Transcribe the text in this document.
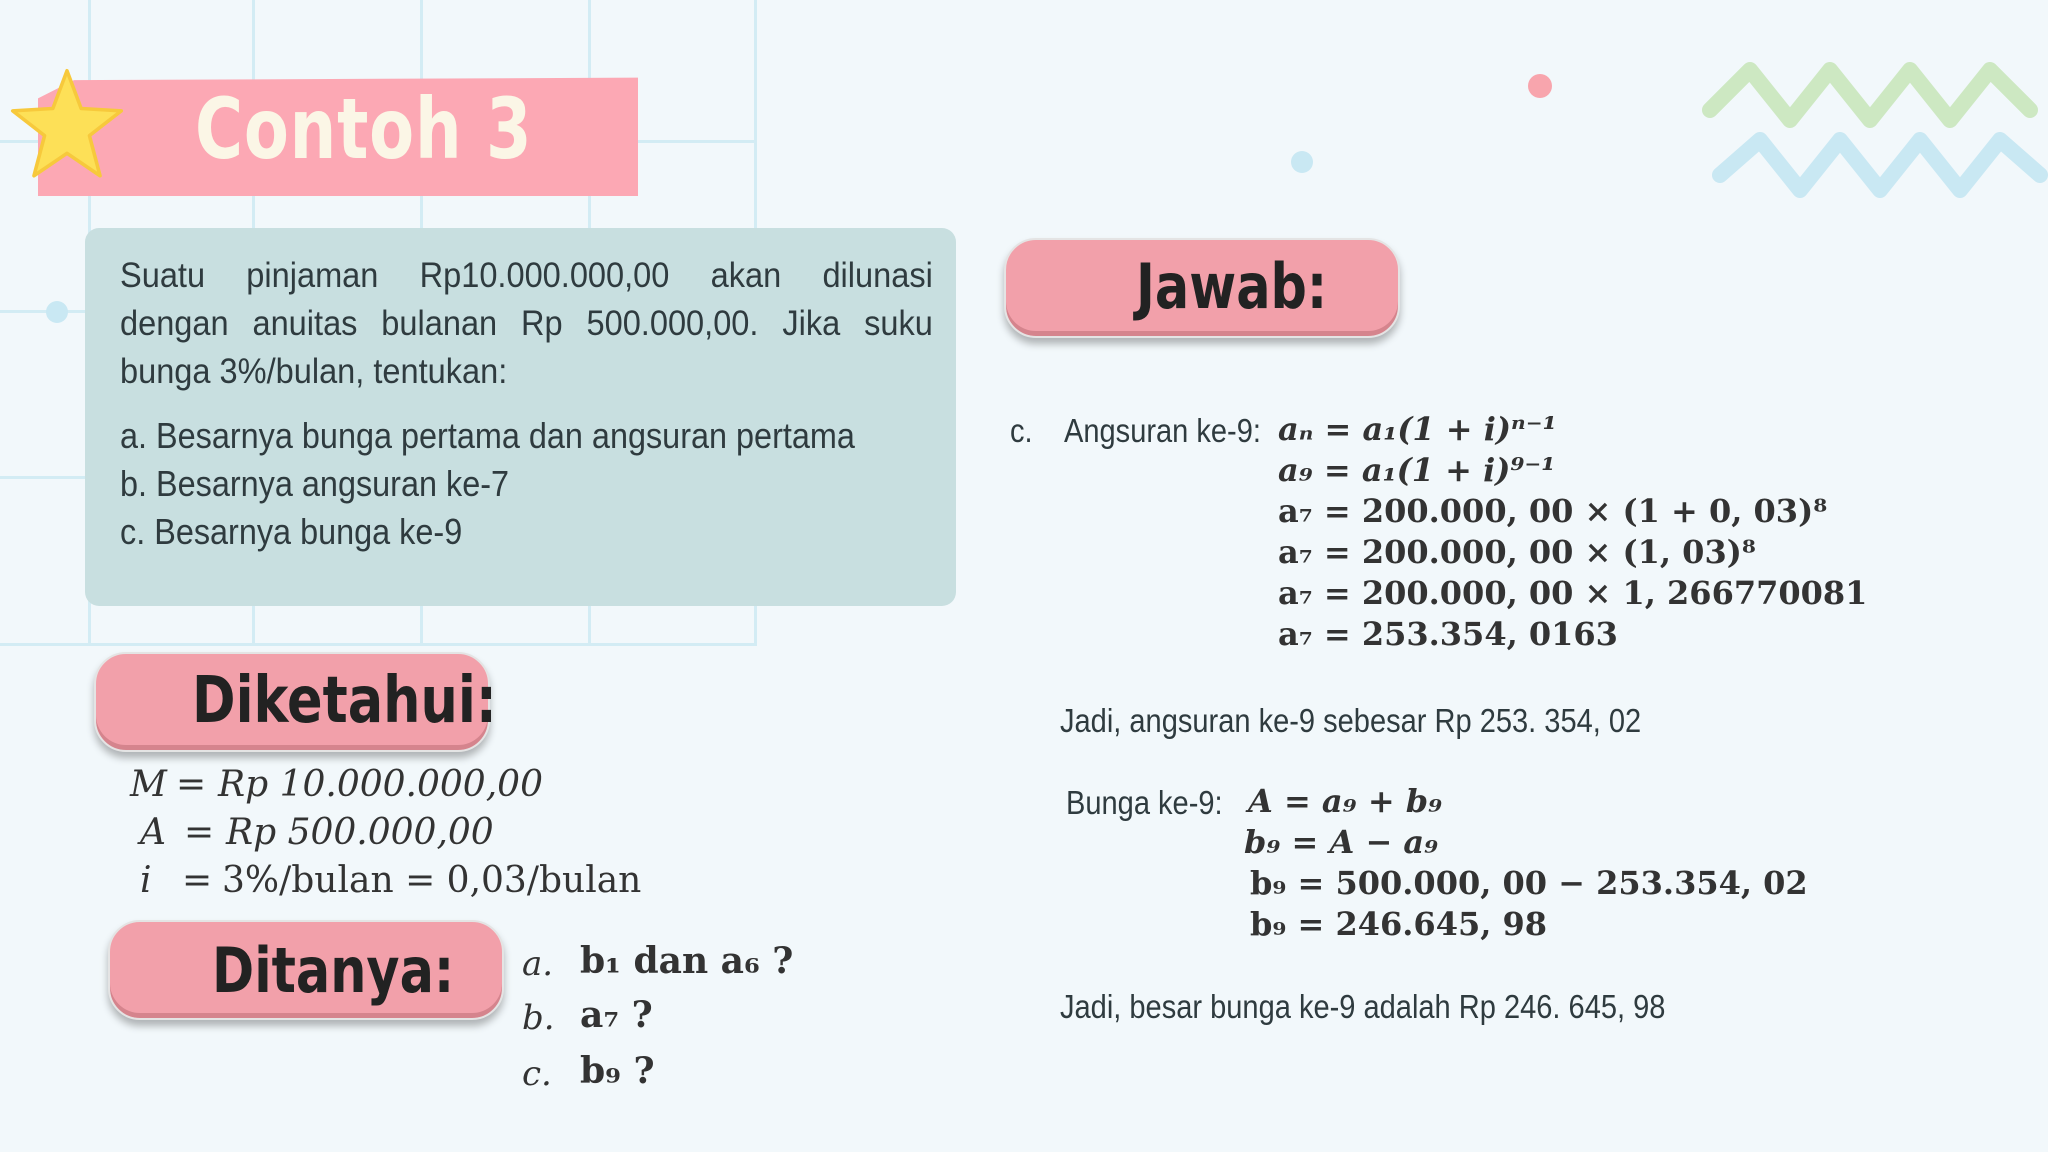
Contoh 3
Suatu pinjaman Rp10.000.000,00 akan dilunasi
dengan anuitas bulanan Rp 500.000,00. Jika suku
bunga 3%/bulan, tentukan:
a. Besarnya bunga pertama dan angsuran pertama
b. Besarnya angsuran ke-7
c. Besarnya bunga ke-9
Diketahui:
M = Rp 10.000.000,00
A = Rp 500.000,00
i = 3%/bulan = 0,03/bulan
Ditanya: a. b₁ dan a₆ ?
b. a₇ ?
c. b₉ ?
Jawab:
c. Angsuran ke-9: aₙ = a₁(1 + i)ⁿ⁻¹
a₉ = a₁(1 + i)⁹⁻¹
a₇ = 200.000, 00 × (1 + 0, 03)⁸
a₇ = 200.000, 00 × (1, 03)⁸
a₇ = 200.000, 00 × 1, 266770081
a₇ = 253.354, 0163
Jadi, angsuran ke-9 sebesar Rp 253. 354, 02
Bunga ke-9: A = a₉ + b₉
b₉ = A − a₉
b₉ = 500.000, 00 − 253.354, 02
b₉ = 246.645, 98
Jadi, besar bunga ke-9 adalah Rp 246. 645, 98
